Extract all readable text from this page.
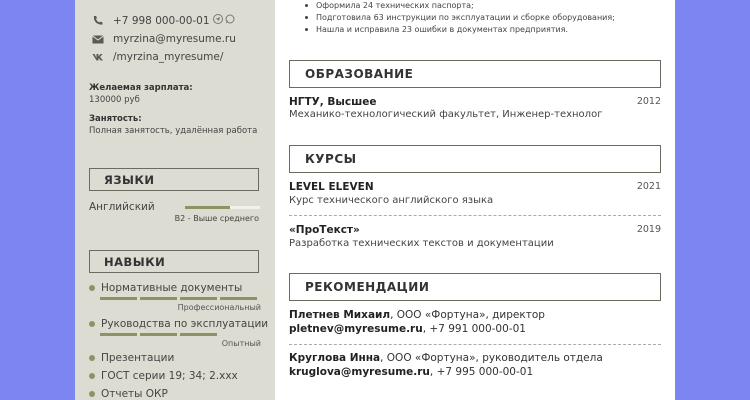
+7 998 000-00-01
myrzina@myresume.ru
/myrzina_myresume/
Желаемая зарплата:
130000 руб
Занятость:
Полная занятость, удалённая работа
ЯЗЫКИ
Английский
B2 - Выше среднего
НАВЫКИ
Нормативные документы
Профессиональный
Руководства по эксплуатации
Опытный
Презентации
ГОСТ серии 19; 34; 2.xxx
Отчеты ОКР
Оформила 24 технических паспорта;
Подготовила 63 инструкции по эксплуатации и сборке оборудования;
Нашла и исправила 23 ошибки в документах предприятия.
ОБРАЗОВАНИЕ
НГТУ, Высшее	2012
Механико-технологический факультет, Инженер-технолог
КУРСЫ
LEVEL ELEVEN	2021
Курс технического английского языка
«ПроТекст»	2019
Разработка технических текстов и документации
РЕКОМЕНДАЦИИ
Плетнев Михаил, ООО «Фортуна», директор
pletnev@myresume.ru, +7 991 000-00-01
Круглова Инна, ООО «Фортуна», руководитель отдела
kruglova@myresume.ru, +7 995 000-00-01
